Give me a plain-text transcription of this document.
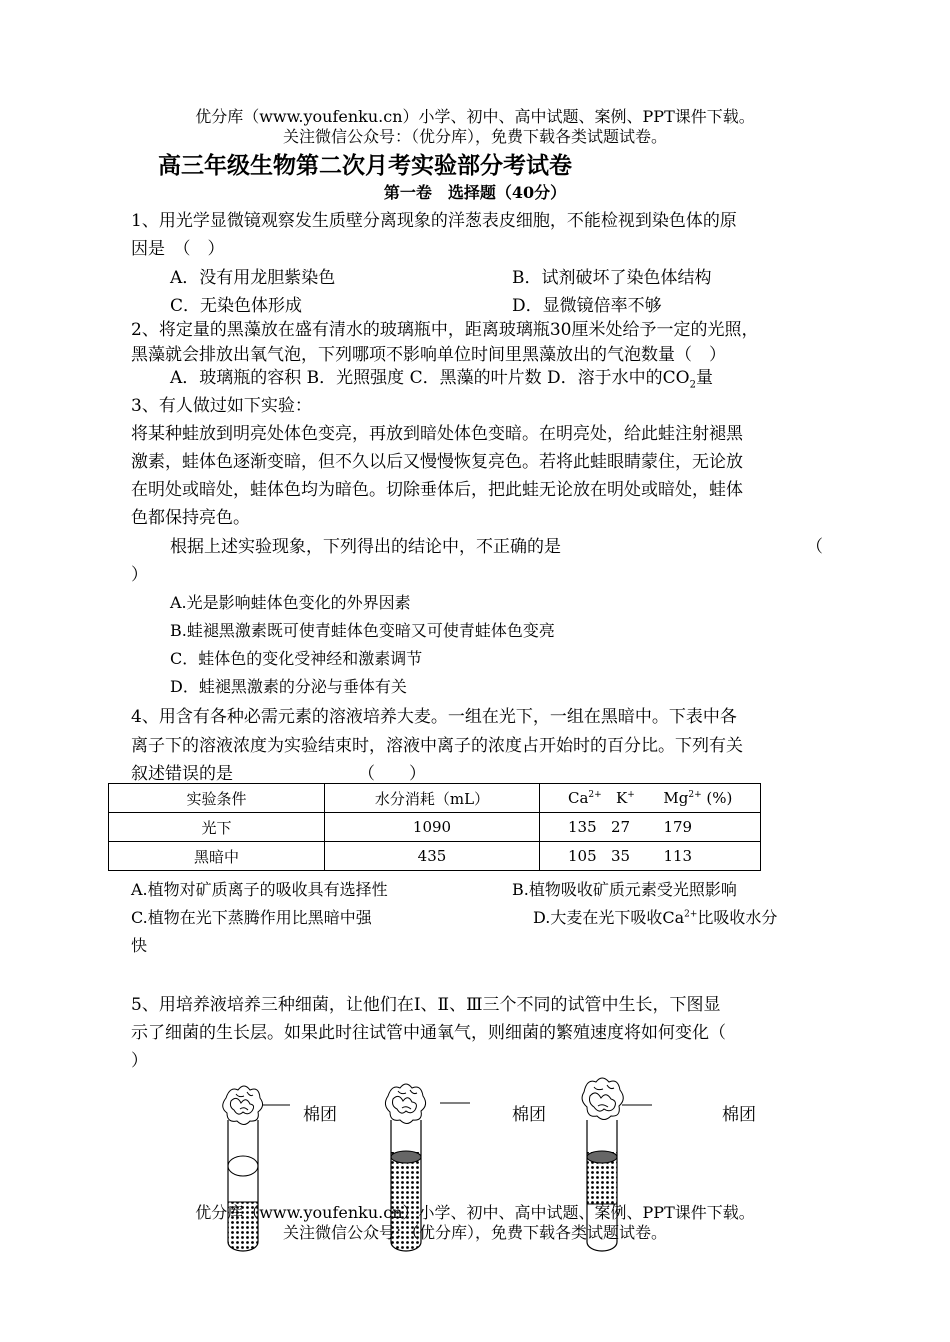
优分库（www.youfenku.cn）小学、初中、高中试题、案例、PPT课件下载。
关注微信公众号：（优分库），免费下载各类试题试卷。
高三年级生物第二次月考实验部分考试卷
第一卷　选择题（40分）
1、用光学显微镜观察发生质壁分离现象的洋葱表皮细胞，不能检视到染色体的原
因是　（　）
A．没有用龙胆紫染色	B．试剂破坏了染色体结构
C．无染色体形成	D．显微镜倍率不够
2、将定量的黑藻放在盛有清水的玻璃瓶中，距离玻璃瓶30厘米处给予一定的光照，
黑藻就会排放出氧气泡，下列哪项不影响单位时间里黑藻放出的气泡数量（　）
A．玻璃瓶的容积 B．光照强度 C．黑藻的叶片数 D．溶于水中的$CO_2$量
3、有人做过如下实验：
将某种蛙放到明亮处体色变亮，再放到暗处体色变暗。在明亮处，给此蛙注射褪黑
激素，蛙体色逐渐变暗，但不久以后又慢慢恢复亮色。若将此蛙眼睛蒙住，无论放
在明处或暗处，蛙体色均为暗色。切除垂体后，把此蛙无论放在明处或暗处，蛙体
色都保持亮色。
根据上述实验现象，下列得出的结论中，不正确的是	（
）
A.光是影响蛙体色变化的外界因素
B.蛙褪黑激素既可使青蛙体色变暗又可使青蛙体色变亮
C．蛙体色的变化受神经和激素调节
D．蛙褪黑激素的分泌与垂体有关
4、用含有各种必需元素的溶液培养大麦。一组在光下，一组在黑暗中。下表中各
离子下的溶液浓度为实验结束时，溶液中离子的浓度占开始时的百分比。下列有关
叙述错误的是	（　　）
实验条件	水分消耗（mL）	$Ca^{2+}$ K+ $Mg^{2+}$ (%)
光下	1090	135 27 179
黑暗中	435	105 35 113
A.植物对矿质离子的吸收具有选择性	B.植物吸收矿质元素受光照影响
C.植物在光下蒸腾作用比黑暗中强	D.大麦在光下吸收$Ca^{2+}$比吸收水分
快
5、用培养液培养三种细菌，让他们在Ⅰ、Ⅱ、Ⅲ三个不同的试管中生长，下图显
示了细菌的生长层。如果此时往试管中通氧气，则细菌的繁殖速度将如何变化（
）
棉团	棉团	棉团
优分库（www.youfenku.cn）小学、初中、高中试题、案例、PPT课件下载。
关注微信公众号：（优分库），免费下载各类试题试卷。
